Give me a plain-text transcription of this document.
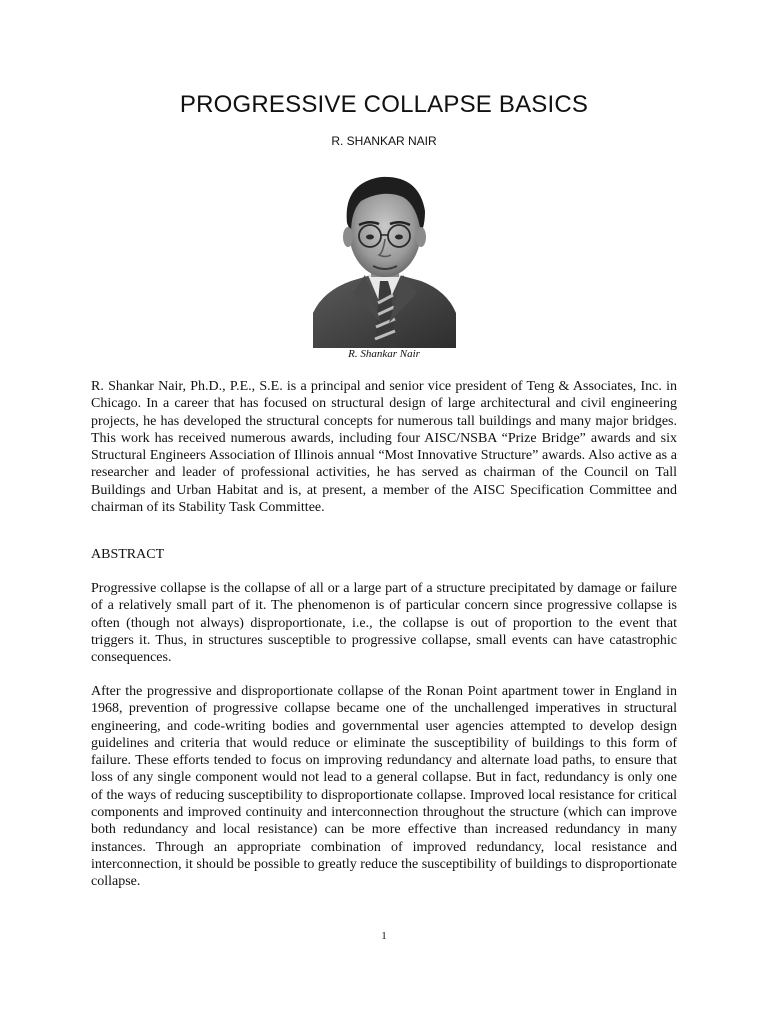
PROGRESSIVE COLLAPSE BASICS

R. SHANKAR NAIR

R. Shankar Nair

R. Shankar Nair, Ph.D., P.E., S.E. is a principal and senior vice president of Teng & Associates, Inc. in Chicago. In a career that has focused on structural design of large architectural and civil engineering projects, he has developed the structural concepts for numerous tall buildings and many major bridges. This work has received numerous awards, including four AISC/NSBA “Prize Bridge” awards and six Structural Engineers Association of Illinois annual “Most Innovative Structure” awards. Also active as a researcher and leader of professional activities, he has served as chairman of the Council on Tall Buildings and Urban Habitat and is, at present, a member of the AISC Specification Committee and chairman of its Stability Task Committee.

ABSTRACT

Progressive collapse is the collapse of all or a large part of a structure precipitated by damage or failure of a relatively small part of it. The phenomenon is of particular concern since progressive collapse is often (though not always) disproportionate, i.e., the collapse is out of proportion to the event that triggers it. Thus, in structures susceptible to progressive collapse, small events can have catastrophic consequences.

After the progressive and disproportionate collapse of the Ronan Point apartment tower in England in 1968, prevention of progressive collapse became one of the unchallenged imperatives in structural engineering, and code-writing bodies and governmental user agencies attempted to develop design guidelines and criteria that would reduce or eliminate the susceptibility of buildings to this form of failure. These efforts tended to focus on improving redundancy and alternate load paths, to ensure that loss of any single component would not lead to a general collapse. But in fact, redundancy is only one of the ways of reducing susceptibility to disproportionate collapse. Improved local resistance for critical components and improved continuity and interconnection throughout the structure (which can improve both redundancy and local resistance) can be more effective than increased redundancy in many instances. Through an appropriate combination of improved redundancy, local resistance and interconnection, it should be possible to greatly reduce the susceptibility of buildings to disproportionate collapse.

1
